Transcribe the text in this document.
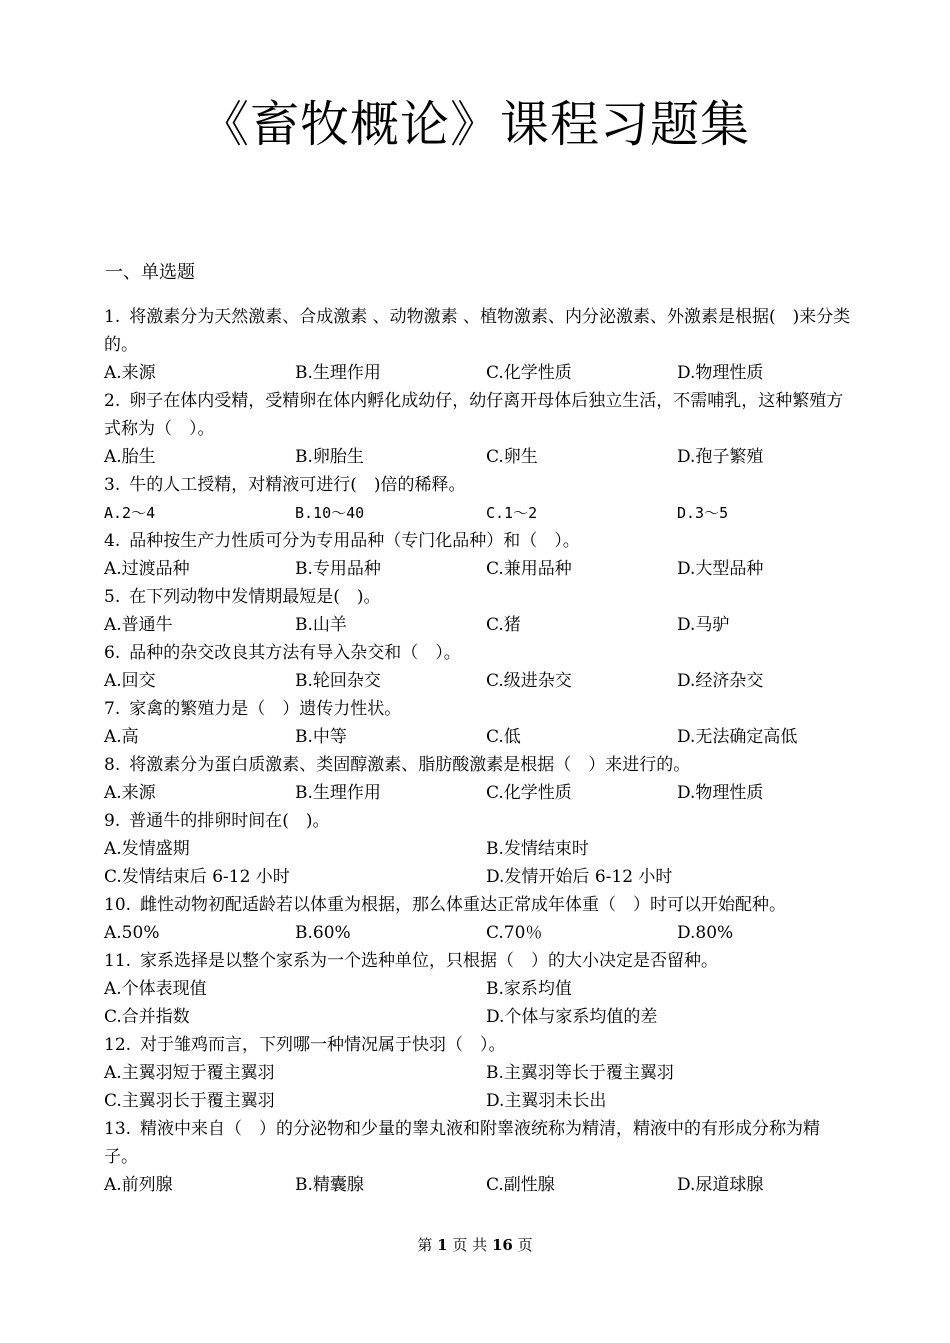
《畜牧概论》课程习题集
一、单选题
1. 将激素分为天然激素、合成激素 、动物激素 、植物激素、内分泌激素、外激素是根据(　)来分类的。
A.来源	B.生理作用	C.化学性质	D.物理性质
2. 卵子在体内受精，受精卵在体内孵化成幼仔，幼仔离开母体后独立生活，不需哺乳，这种繁殖方式称为（　）。
A.胎生	B.卵胎生	C.卵生	D.孢子繁殖
3. 牛的人工授精，对精液可进行(　)倍的稀释。
A.2～4	B.10～40	C.1～2	D.3～5
4. 品种按生产力性质可分为专用品种（专门化品种）和（　）。
A.过渡品种	B.专用品种	C.兼用品种	D.大型品种
5. 在下列动物中发情期最短是(　)。
A.普通牛	B.山羊	C.猪	D.马驴
6. 品种的杂交改良其方法有导入杂交和（　）。
A.回交	B.轮回杂交	C.级进杂交	D.经济杂交
7. 家禽的繁殖力是（　）遗传力性状。
A.高	B.中等	C.低	D.无法确定高低
8. 将激素分为蛋白质激素、类固醇激素、脂肪酸激素是根据（　）来进行的。
A.来源	B.生理作用	C.化学性质	D.物理性质
9. 普通牛的排卵时间在(　)。
A.发情盛期	B.发情结束时
C.发情结束后 6-12 小时	D.发情开始后 6-12 小时
10. 雌性动物初配适龄若以体重为根据，那么体重达正常成年体重（　）时可以开始配种。
A.50%	B.60%	C.70％	D.80%
11. 家系选择是以整个家系为一个选种单位，只根据（　）的大小决定是否留种。
A.个体表现值	B.家系均值
C.合并指数	D.个体与家系均值的差
12. 对于雏鸡而言，下列哪一种情况属于快羽（　）。
A.主翼羽短于覆主翼羽	B.主翼羽等长于覆主翼羽
C.主翼羽长于覆主翼羽	D.主翼羽未长出
13. 精液中来自（　）的分泌物和少量的睾丸液和附睾液统称为精清，精液中的有形成分称为精子。
A.前列腺	B.精囊腺	C.副性腺	D.尿道球腺
第 1 页 共 16 页
